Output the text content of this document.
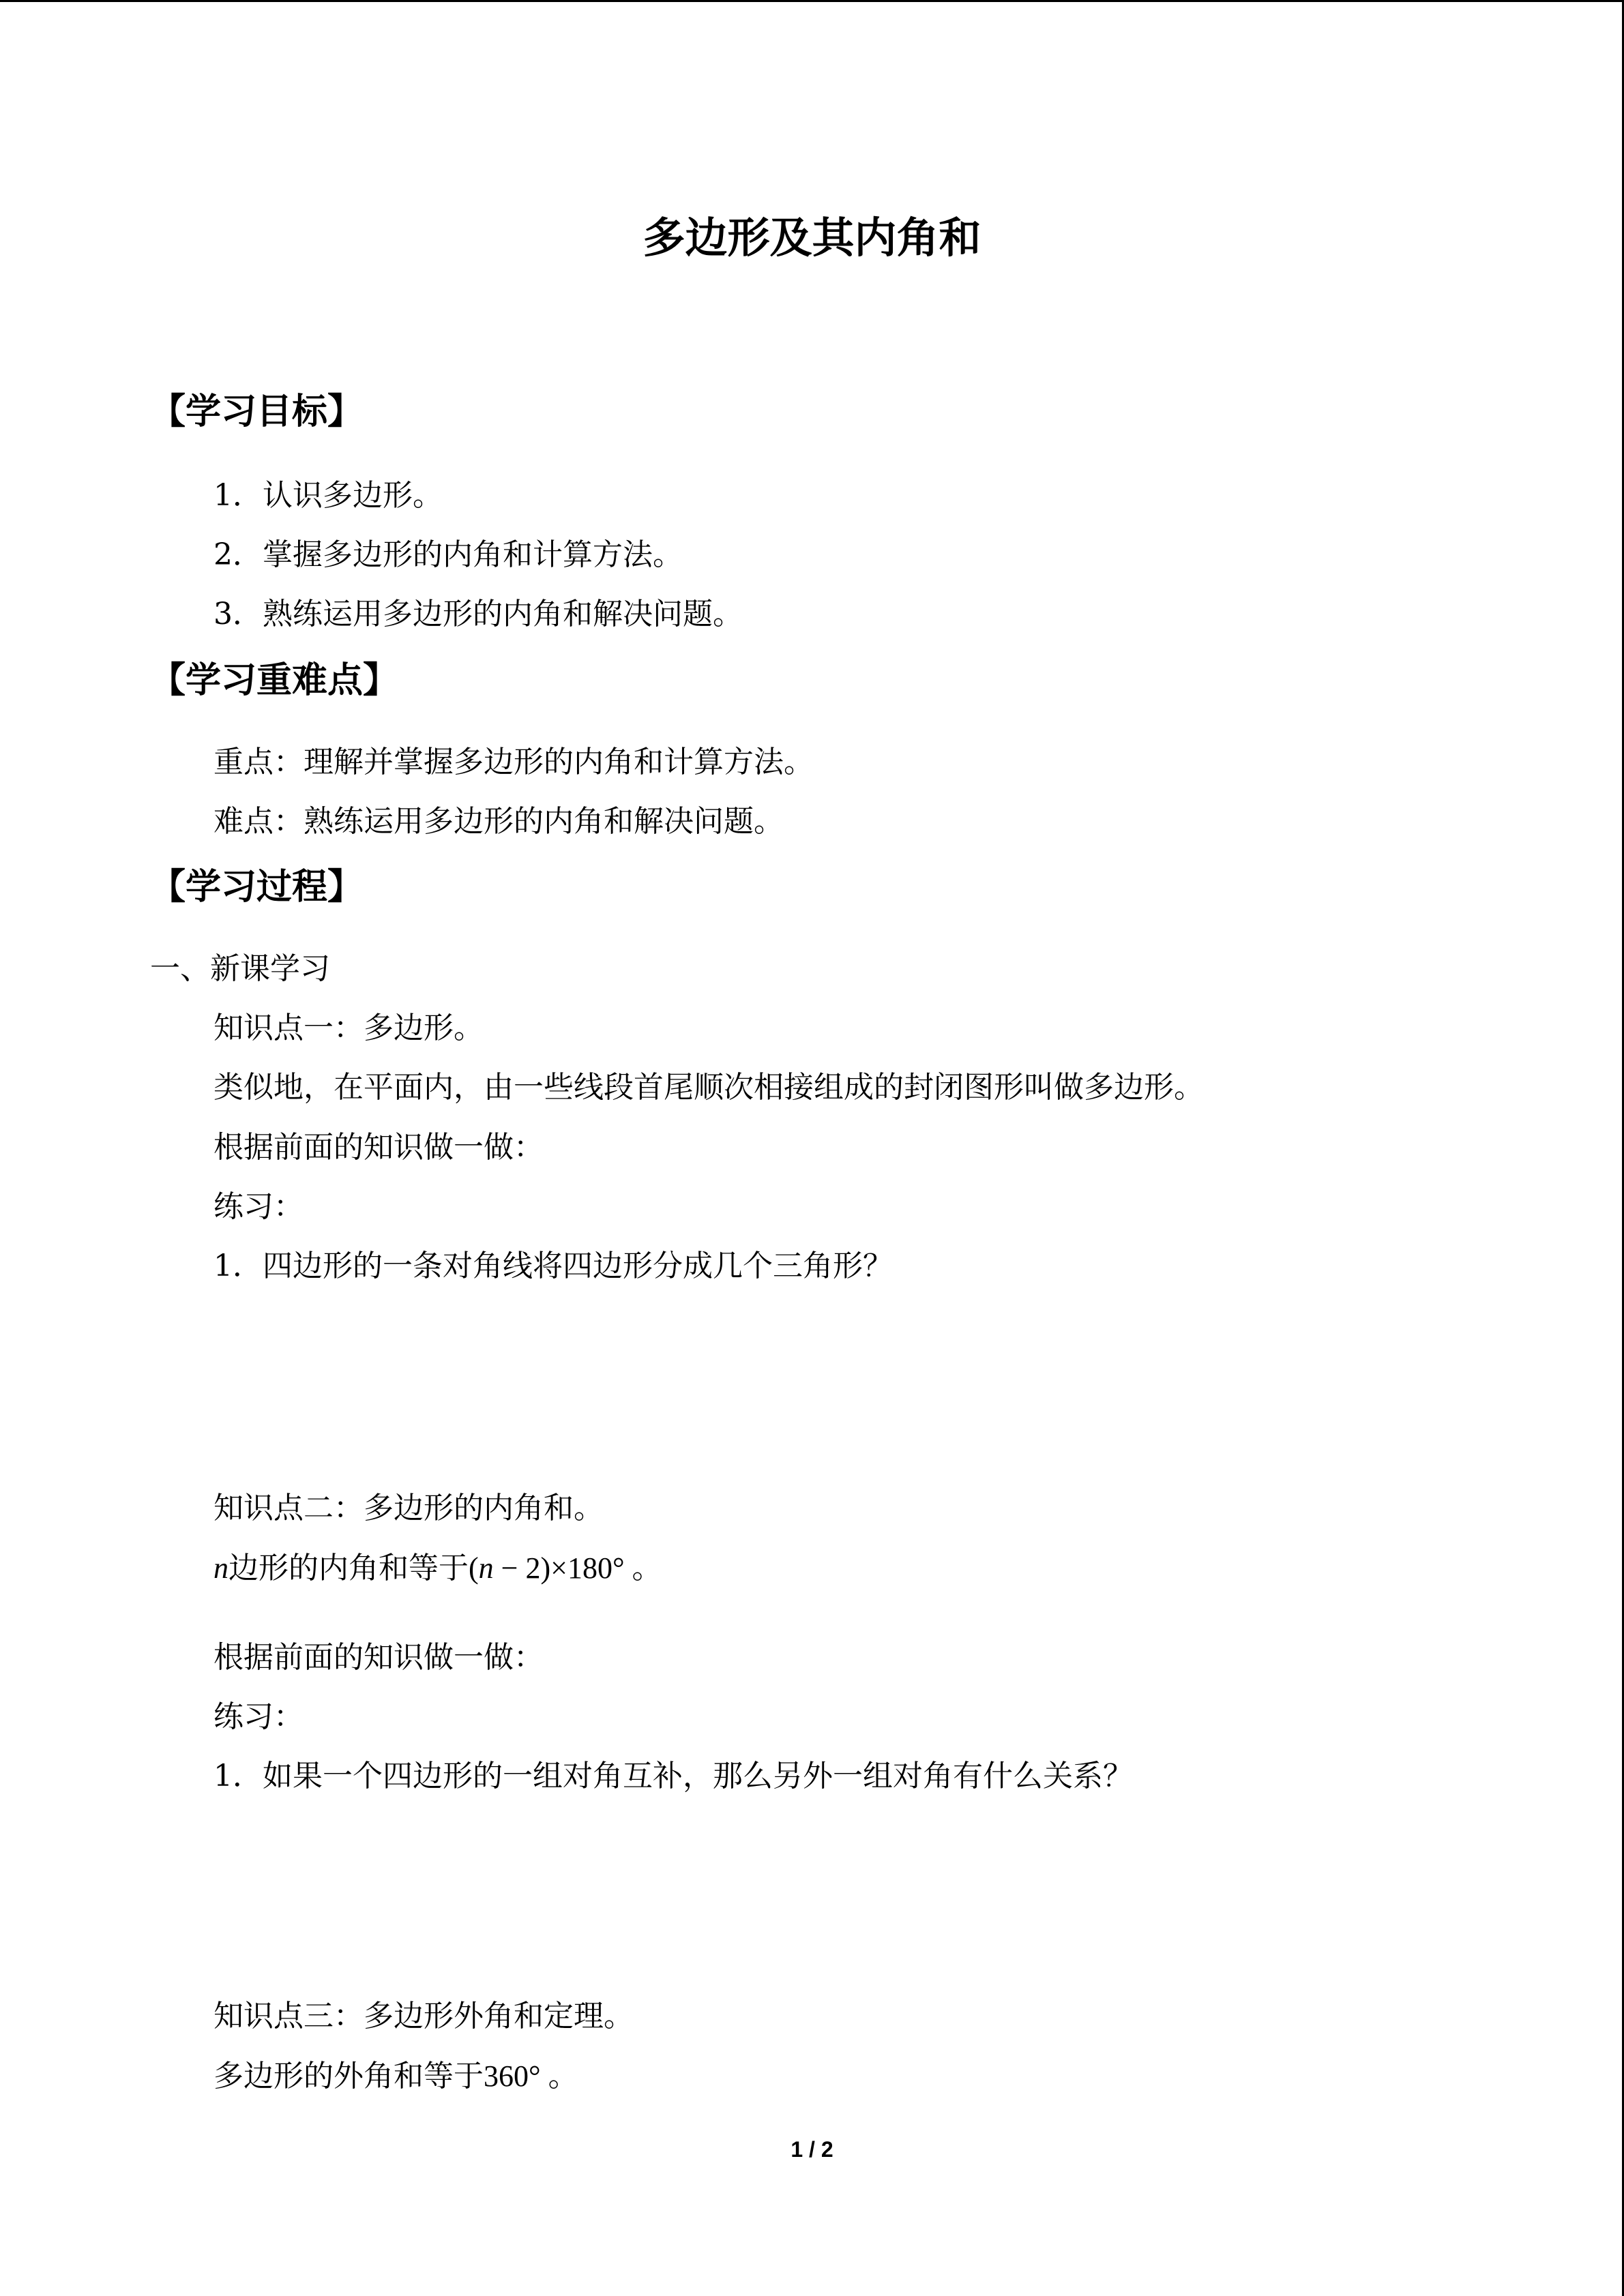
多边形及其内角和
【学习目标】
1．认识多边形。
2．掌握多边形的内角和计算方法。
3．熟练运用多边形的内角和解决问题。
【学习重难点】
重点：理解并掌握多边形的内角和计算方法。
难点：熟练运用多边形的内角和解决问题。
【学习过程】
一、新课学习
知识点一：多边形。
类似地，在平面内，由一些线段首尾顺次相接组成的封闭图形叫做多边形。
根据前面的知识做一做：
练习：
1．四边形的一条对角线将四边形分成几个三角形？
知识点二：多边形的内角和。
n边形的内角和等于(n − 2)×180° 。
根据前面的知识做一做：
练习：
1．如果一个四边形的一组对角互补，那么另外一组对角有什么关系？
知识点三：多边形外角和定理。
多边形的外角和等于360° 。
1 / 2
